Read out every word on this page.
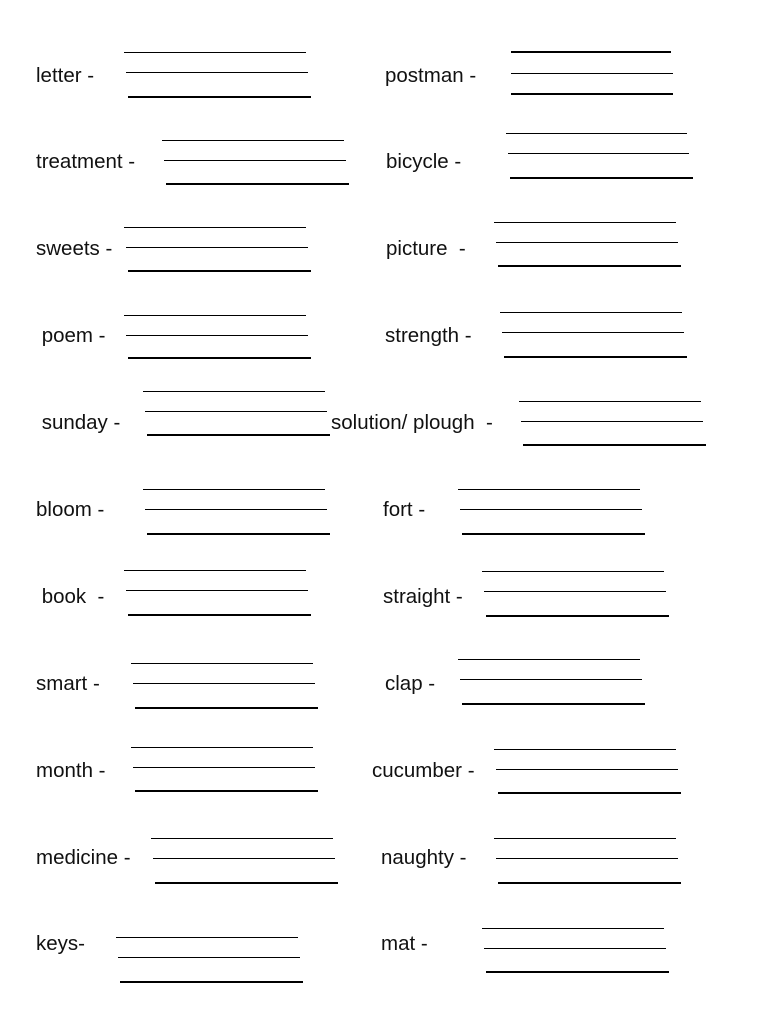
letter -
treatment -
sweets -
poem -
sunday -
bloom -
book  -
smart -
month -
medicine -
keys-
postman -
bicycle -
picture  -
strength -
solution/ plough  -
fort -
straight -
clap -
cucumber -
naughty -
mat -
